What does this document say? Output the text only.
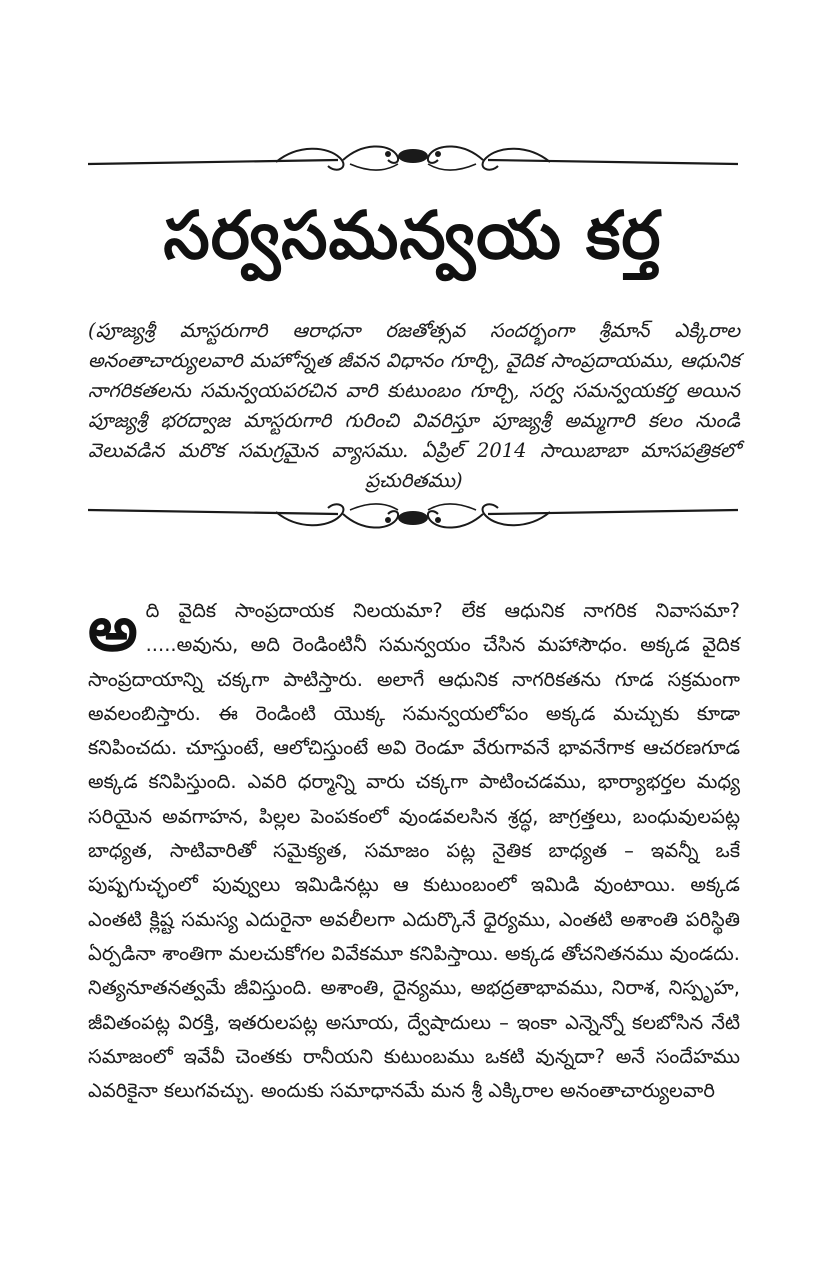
సర్వసమన్వయ కర్త

(పూజ్యశ్రీ మాస్టరుగారి ఆరాధనా రజతోత్సవ సందర్భంగా శ్రీమాన్ ఎక్కిరాల అనంతాచార్యులవారి మహోన్నత జీవన విధానం గూర్చి, వైదిక సాంప్రదాయము, ఆధునిక నాగరికతలను సమన్వయపరచిన వారి కుటుంబం గూర్చి, సర్వ సమన్వయకర్త అయిన పూజ్యశ్రీ భరద్వాజ మాస్టరుగారి గురించి వివరిస్తూ పూజ్యశ్రీ అమ్మగారి కలం నుండి వెలువడిన మరొక సమగ్రమైన వ్యాసము. ఏప్రిల్ 2014 సాయిబాబా మాసపత్రికలో ప్రచురితము)

అది వైదిక సాంప్రదాయక నిలయమా? లేక ఆధునిక నాగరిక నివాసమా? .....అవును, అది రెండింటినీ సమన్వయం చేసిన మహాసౌధం. అక్కడ వైదిక సాంప్రదాయాన్ని చక్కగా పాటిస్తారు. అలాగే ఆధునిక నాగరికతను గూడ సక్రమంగా అవలంబిస్తారు. ఈ రెండింటి యొక్క సమన్వయలోపం అక్కడ మచ్చుకు కూడా కనిపించదు. చూస్తుంటే, ఆలోచిస్తుంటే అవి రెండూ వేరుగావనే భావనేగాక ఆచరణగూడ అక్కడ కనిపిస్తుంది. ఎవరి ధర్మాన్ని వారు చక్కగా పాటించడము, భార్యాభర్తల మధ్య సరియైన అవగాహన, పిల్లల పెంపకంలో వుండవలసిన శ్రద్ధ, జాగ్రత్తలు, బంధువులపట్ల బాధ్యత, సాటివారితో సమైక్యత, సమాజం పట్ల నైతిక బాధ్యత – ఇవన్నీ ఒకే పుష్పగుచ్ఛంలో పువ్వులు ఇమిడినట్లు ఆ కుటుంబంలో ఇమిడి వుంటాయి. అక్కడ ఎంతటి క్లిష్ట సమస్య ఎదురైనా అవలీలగా ఎదుర్కొనే ధైర్యము, ఎంతటి అశాంతి పరిస్థితి ఏర్పడినా శాంతిగా మలచుకోగల వివేకమూ కనిపిస్తాయి. అక్కడ తోచనితనము వుండదు. నిత్యనూతనత్వమే జీవిస్తుంది. అశాంతి, దైన్యము, అభద్రతాభావము, నిరాశ, నిస్పృహ, జీవితంపట్ల విరక్తి, ఇతరులపట్ల అసూయ, ద్వేషాదులు – ఇంకా ఎన్నెన్నో కలబోసిన నేటి సమాజంలో ఇవేవీ చెంతకు రానీయని కుటుంబము ఒకటి వున్నదా? అనే సందేహము ఎవరికైనా కలుగవచ్చు. అందుకు సమాధానమే మన శ్రీ ఎక్కిరాల అనంతాచార్యులవారి
